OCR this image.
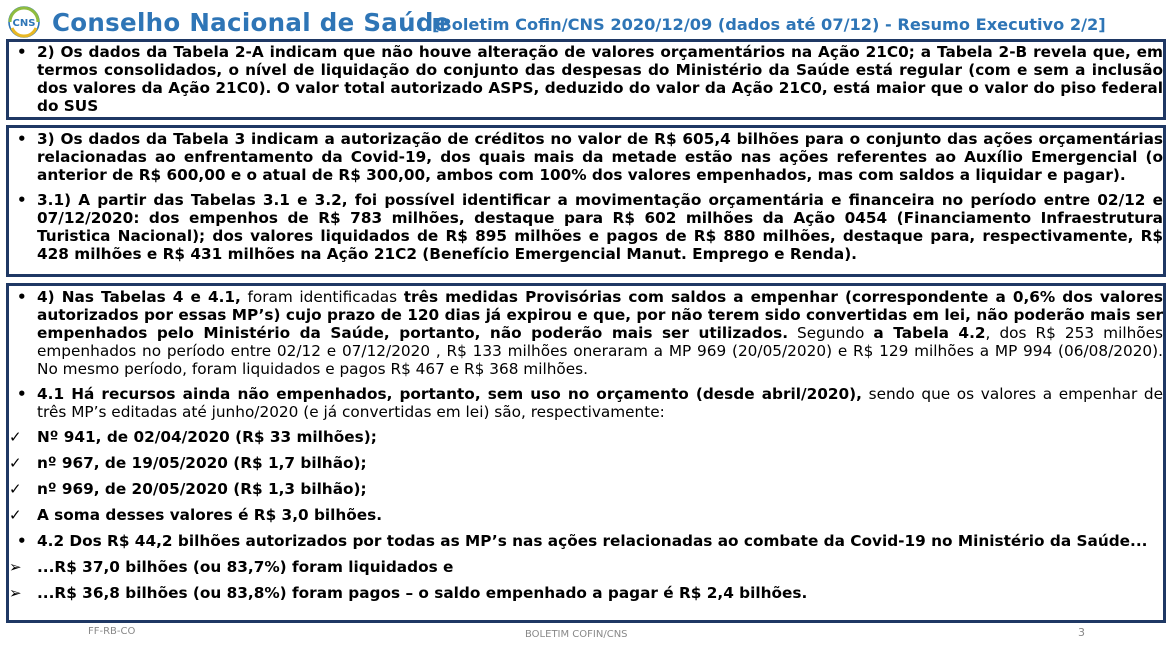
CNS Conselho Nacional de Saúde
[Boletim Cofin/CNS 2020/12/09 (dados até 07/12) - Resumo Executivo 2/2]

• 2) Os dados da Tabela 2-A indicam que não houve alteração de valores orçamentários na Ação 21C0; a Tabela 2-B revela que, em termos consolidados, o nível de liquidação do conjunto das despesas do Ministério da Saúde está regular (com e sem a inclusão dos valores da Ação 21C0). O valor total autorizado ASPS, deduzido do valor da Ação 21C0, está maior que o valor do piso federal do SUS

• 3) Os dados da Tabela 3 indicam a autorização de créditos no valor de R$ 605,4 bilhões para o conjunto das ações orçamentárias relacionadas ao enfrentamento da Covid-19, dos quais mais da metade estão nas ações referentes ao Auxílio Emergencial (o anterior de R$ 600,00 e o atual de R$ 300,00, ambos com 100% dos valores empenhados, mas com saldos a liquidar e pagar).

• 3.1) A partir das Tabelas 3.1 e 3.2, foi possível identificar a movimentação orçamentária e financeira no período entre 02/12 e 07/12/2020: dos empenhos de R$ 783 milhões, destaque para R$ 602 milhões da Ação 0454 (Financiamento Infraestrutura Turistica Nacional); dos valores liquidados de R$ 895 milhões e pagos de R$ 880 milhões, destaque para, respectivamente, R$ 428 milhões e R$ 431 milhões na Ação 21C2 (Benefício Emergencial Manut. Emprego e Renda).

• 4) Nas Tabelas 4 e 4.1, foram identificadas três medidas Provisórias com saldos a empenhar (correspondente a 0,6% dos valores autorizados por essas MP’s) cujo prazo de 120 dias já expirou e que, por não terem sido convertidas em lei, não poderão mais ser empenhados pelo Ministério da Saúde, portanto, não poderão mais ser utilizados. Segundo a Tabela 4.2, dos R$ 253 milhões empenhados no período entre 02/12 e 07/12/2020 , R$ 133 milhões oneraram a MP 969 (20/05/2020) e R$ 129 milhões a MP 994 (06/08/2020). No mesmo período, foram liquidados e pagos R$ 467 e R$ 368 milhões.

• 4.1 Há recursos ainda não empenhados, portanto, sem uso no orçamento (desde abril/2020), sendo que os valores a empenhar de três MP’s editadas até junho/2020 (e já convertidas em lei) são, respectivamente:

✓ Nº 941, de 02/04/2020 (R$ 33 milhões);

✓ nº 967, de 19/05/2020 (R$ 1,7 bilhão);

✓ nº 969, de 20/05/2020 (R$ 1,3 bilhão);

✓ A soma desses valores é R$ 3,0 bilhões.

• 4.2 Dos R$ 44,2 bilhões autorizados por todas as MP’s nas ações relacionadas ao combate da Covid-19 no Ministério da Saúde...

➢ ...R$ 37,0 bilhões (ou 83,7%) foram liquidados e

➢ ...R$ 36,8 bilhões (ou 83,8%) foram pagos – o saldo empenhado a pagar é R$ 2,4 bilhões.

FF-RB-CO	BOLETIM COFIN/CNS	3
